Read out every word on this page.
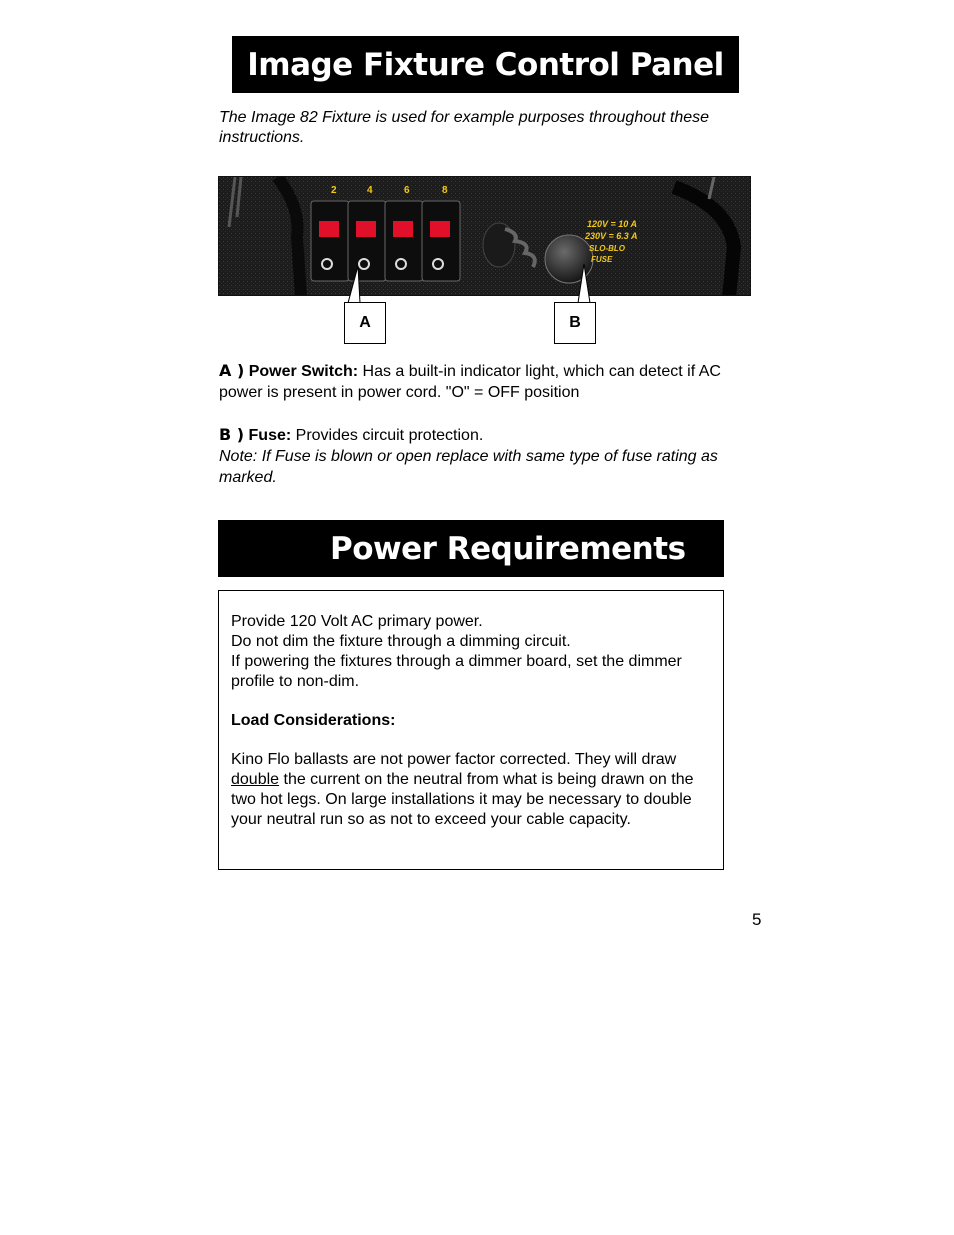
Image Fixture Control Panel
The Image 82 Fixture is used for example purposes throughout these instructions.
2	4	6	8
120V = 10 A
230V = 6.3 A
SLO-BLO
FUSE
A	B
A ) Power Switch: Has a built-in indicator light, which can detect if AC power is present in power cord. "O" = OFF position
B ) Fuse: Provides circuit protection.
Note: If Fuse is blown or open replace with same type of fuse rating as marked.
Power Requirements

Provide 120 Volt AC primary power.

Do not dim the fixture through a dimming circuit.

If powering the fixtures through a dimmer board, set the dimmer profile to non-dim.

Load Considerations:

Kino Flo ballasts are not power factor corrected. They will draw
double the current on the neutral from what is being drawn on the two hot legs. On large installations it may be necessary to double your neutral run so as not to exceed your cable capacity.

5
